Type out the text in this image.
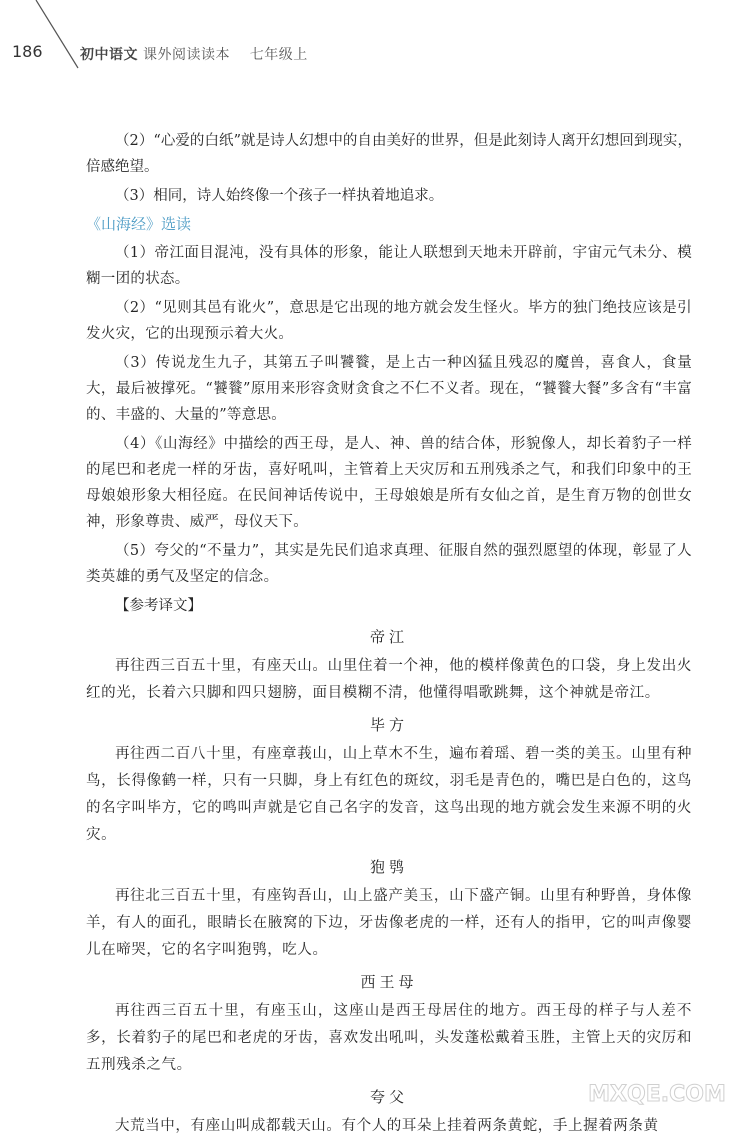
186	初中语文 课外阅读读本 七年级上

（2）“心爱的白纸”就是诗人幻想中的自由美好的世界，但是此刻诗人离开幻想回到现实，倍感绝望。

（3）相同，诗人始终像一个孩子一样执着地追求。

《山海经》选读

（1）帝江面目混沌，没有具体的形象，能让人联想到天地未开辟前，宇宙元气未分、模糊一团的状态。

（2）“见则其邑有讹火”，意思是它出现的地方就会发生怪火。毕方的独门绝技应该是引发火灾，它的出现预示着大火。

（3）传说龙生九子，其第五子叫饕餮，是上古一种凶猛且残忍的魔兽，喜食人，食量大，最后被撑死。“饕餮”原用来形容贪财贪食之不仁不义者。现在，“饕餮大餐”多含有“丰富的、丰盛的、大量的”等意思。

（4）《山海经》中描绘的西王母，是人、神、兽的结合体，形貌像人，却长着豹子一样的尾巴和老虎一样的牙齿，喜好吼叫，主管着上天灾厉和五刑残杀之气，和我们印象中的王母娘娘形象大相径庭。在民间神话传说中，王母娘娘是所有女仙之首，是生育万物的创世女神，形象尊贵、威严，母仪天下。

（5）夸父的“不量力”，其实是先民们追求真理、征服自然的强烈愿望的体现，彰显了人类英雄的勇气及坚定的信念。

【参考译文】
帝江

再往西三百五十里，有座天山。山里住着一个神，他的模样像黄色的口袋，身上发出火红的光，长着六只脚和四只翅膀，面目模糊不清，他懂得唱歌跳舞，这个神就是帝江。

毕方

再往西二百八十里，有座章莪山，山上草木不生，遍布着瑶、碧一类的美玉。山里有种鸟，长得像鹤一样，只有一只脚，身上有红色的斑纹，羽毛是青色的，嘴巴是白色的，这鸟的名字叫毕方，它的鸣叫声就是它自己名字的发音，这鸟出现的地方就会发生来源不明的火灾。

狍鸮

再往北三百五十里，有座钩吾山，山上盛产美玉，山下盛产铜。山里有种野兽，身体像羊，有人的面孔，眼睛长在腋窝的下边，牙齿像老虎的一样，还有人的指甲，它的叫声像婴儿在啼哭，它的名字叫狍鸮，吃人。

西王母

再往西三百五十里，有座玉山，这座山是西王母居住的地方。西王母的样子与人差不多，长着豹子的尾巴和老虎的牙齿，喜欢发出吼叫，头发蓬松戴着玉胜，主管上天的灾厉和五刑残杀之气。

夸父

大荒当中，有座山叫成都载天山。有个人的耳朵上挂着两条黄蛇，手上握着两条黄

MXQE.COM
